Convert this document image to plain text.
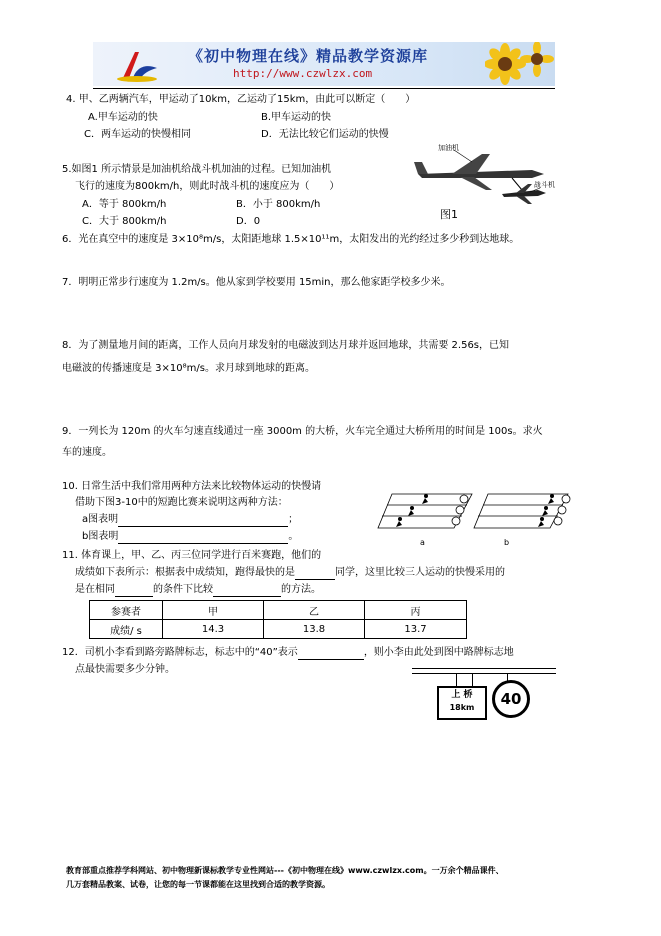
《初中物理在线》精品教学资源库
http://www.czwlzx.com
4. 甲、乙两辆汽车，甲运动了10km，乙运动了15km，由此可以断定（　　）
A.甲车运动的快	B.甲车运动的快
C．两车运动的快慢相同	D．无法比较它们运动的快慢
5.如图1 所示情景是加油机给战斗机加油的过程。已知加油机
飞行的速度为800km/h，则此时战斗机的速度应为（　　）
A．等于 800km/h	B．小于 800km/h
C．大于 800km/h	D．0
加油机
战斗机
图1
6．光在真空中的速度是 3×10⁸m/s，太阳距地球 1.5×10¹¹m，太阳发出的光约经过多少秒到达地球。
7．明明正常步行速度为 1.2m/s。他从家到学校要用 15min，那么他家距学校多少米。
8．为了测量地月间的距离，工作人员向月球发射的电磁波到达月球并返回地球，共需要 2.56s，已知
电磁波的传播速度是 3×10⁸m/s。求月球到地球的距离。
9．一列长为 120m 的火车匀速直线通过一座 3000m 的大桥，火车完全通过大桥所用的时间是 100s。求火
车的速度。
10. 日常生活中我们常用两种方法来比较物体运动的快慢请
借助下图3-10中的短跑比赛来说明这两种方法：
a图表明	；
b图表明	。
a	b
11. 体育课上，甲、乙、丙三位同学进行百米赛跑，他们的
成绩如下表所示：根据表中成绩知，跑得最快的是	同学，这里比较三人运动的快慢采用的
是在相同	的条件下比较	的方法。
参赛者	甲	乙	丙
成绩/ s	14.3	13.8	13.7
12．司机小李看到路旁路牌标志，标志中的“40”表示	，则小李由此处到图中路牌标志地
点最快需要多少分钟。
上 桥
18km	40
教育部重点推荐学科网站、初中物理新课标教学专业性网站---《初中物理在线》www.czwlzx.com。一万余个精品课件、
几万套精品教案、试卷，让您的每一节课都能在这里找到合适的教学资源。
